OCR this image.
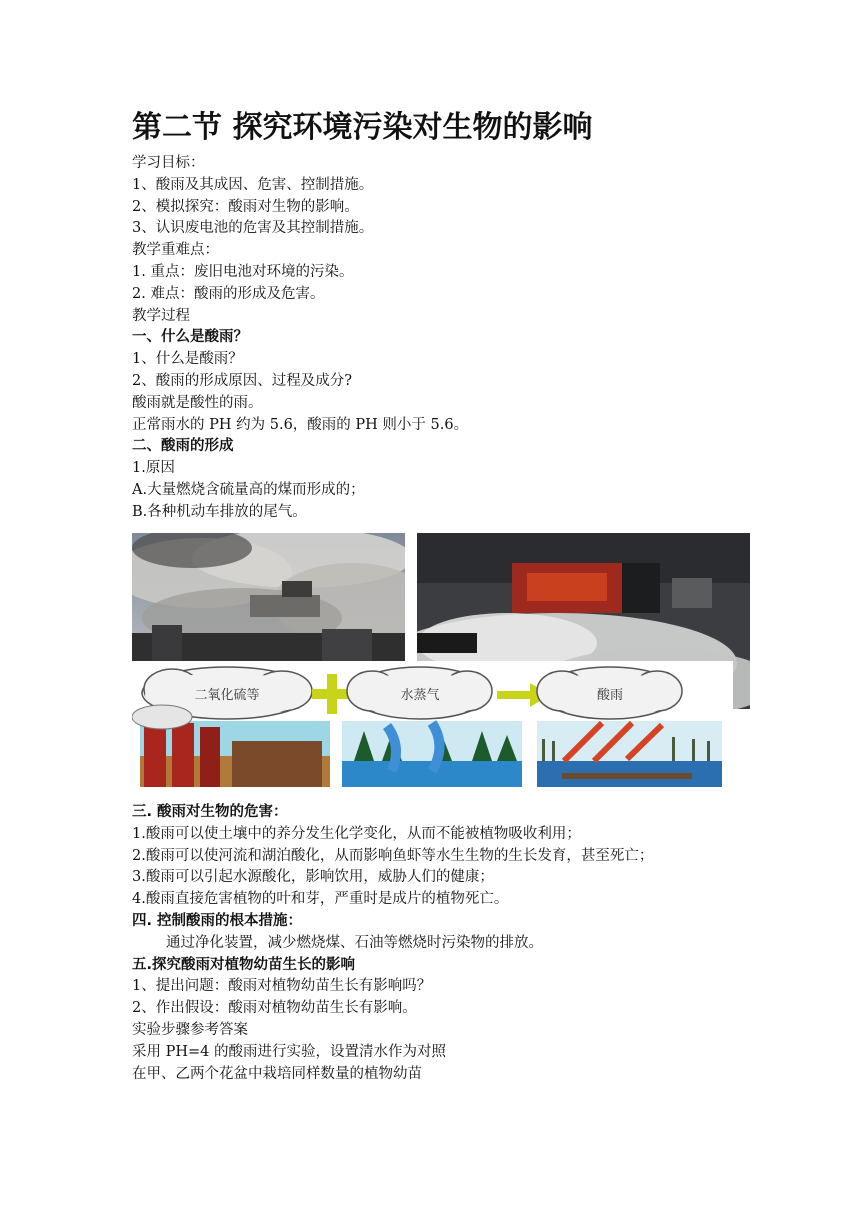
第二节 探究环境污染对生物的影响
学习目标：
1、酸雨及其成因、危害、控制措施。
2、模拟探究：酸雨对生物的影响。
3、认识废电池的危害及其控制措施。
教学重难点：
1. 重点：废旧电池对环境的污染。
2. 难点：酸雨的形成及危害。
教学过程
一、什么是酸雨？
1、什么是酸雨？
2、酸雨的形成原因、过程及成分?
酸雨就是酸性的雨。
正常雨水的 PH 约为 5.6，酸雨的 PH 则小于 5.6。
二、酸雨的形成
1.原因
A.大量燃烧含硫量高的煤而形成的；
B.各种机动车排放的尾气。
二氧化硫等	水蒸气	酸雨
三. 酸雨对生物的危害：
1.酸雨可以使土壤中的养分发生化学变化，从而不能被植物吸收利用；
2.酸雨可以使河流和湖泊酸化，从而影响鱼虾等水生生物的生长发育，甚至死亡；
3.酸雨可以引起水源酸化，影响饮用，威胁人们的健康；
4.酸雨直接危害植物的叶和芽，严重时是成片的植物死亡。
四. 控制酸雨的根本措施：
通过净化装置，减少燃烧煤、石油等燃烧时污染物的排放。
五.探究酸雨对植物幼苗生长的影响
1、提出问题：酸雨对植物幼苗生长有影响吗？
2、作出假设：酸雨对植物幼苗生长有影响。
实验步骤参考答案
采用 PH=4 的酸雨进行实验，设置清水作为对照
在甲、乙两个花盆中栽培同样数量的植物幼苗
